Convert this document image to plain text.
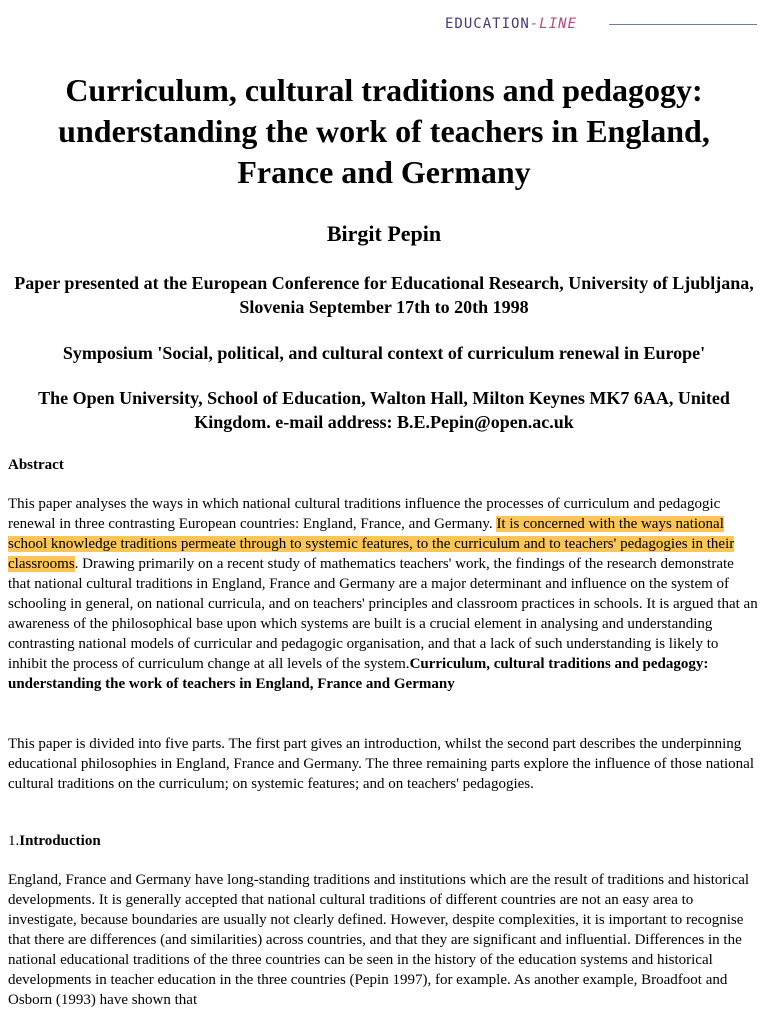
EDUCATION-LINE
Curriculum, cultural traditions and pedagogy: understanding the work of teachers in England, France and Germany
Birgit Pepin
Paper presented at the European Conference for Educational Research, University of Ljubljana, Slovenia September 17th to 20th 1998
Symposium 'Social, political, and cultural context of curriculum renewal in Europe'
The Open University, School of Education, Walton Hall, Milton Keynes MK7 6AA, United Kingdom. e-mail address: B.E.Pepin@open.ac.uk
Abstract
This paper analyses the ways in which national cultural traditions influence the processes of curriculum and pedagogic renewal in three contrasting European countries: England, France, and Germany. It is concerned with the ways national school knowledge traditions permeate through to systemic features, to the curriculum and to teachers' pedagogies in their classrooms. Drawing primarily on a recent study of mathematics teachers' work, the findings of the research demonstrate that national cultural traditions in England, France and Germany are a major determinant and influence on the system of schooling in general, on national curricula, and on teachers' principles and classroom practices in schools. It is argued that an awareness of the philosophical base upon which systems are built is a crucial element in analysing and understanding contrasting national models of curricular and pedagogic organisation, and that a lack of such understanding is likely to inhibit the process of curriculum change at all levels of the system.Curriculum, cultural traditions and pedagogy: understanding the work of teachers in England, France and Germany
This paper is divided into five parts. The first part gives an introduction, whilst the second part describes the underpinning educational philosophies in England, France and Germany. The three remaining parts explore the influence of those national cultural traditions on the curriculum; on systemic features; and on teachers' pedagogies.
1.Introduction
England, France and Germany have long-standing traditions and institutions which are the result of traditions and historical developments. It is generally accepted that national cultural traditions of different countries are not an easy area to investigate, because boundaries are usually not clearly defined. However, despite complexities, it is important to recognise that there are differences (and similarities) across countries, and that they are significant and influential. Differences in the national educational traditions of the three countries can be seen in the history of the education systems and historical developments in teacher education in the three countries (Pepin 1997), for example. As another example, Broadfoot and Osborn (1993) have shown that
